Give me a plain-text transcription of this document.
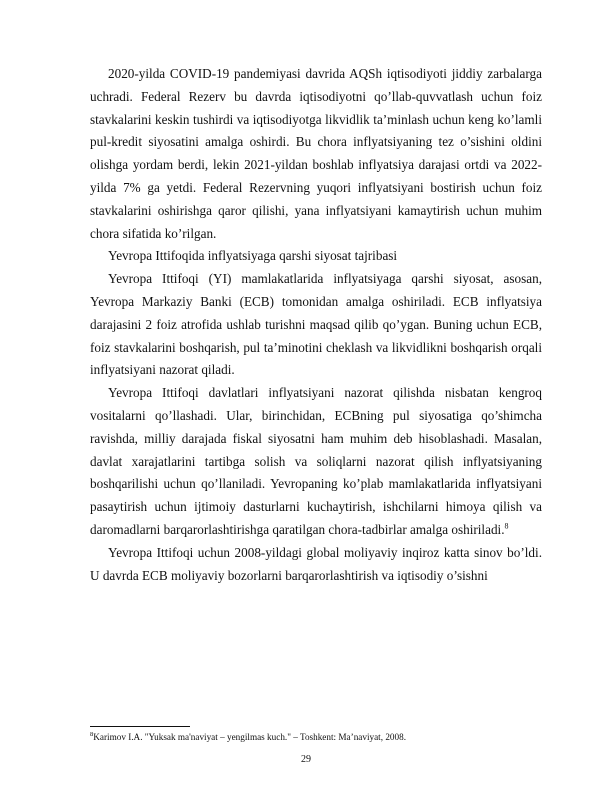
2020-yilda COVID-19 pandemiyasi davrida AQSh iqtisodiyoti jiddiy zarbalarga uchradi. Federal Rezerv bu davrda iqtisodiyotni qo’llab-quvvatlash uchun foiz stavkalarini keskin tushirdi va iqtisodiyotga likvidlik ta’minlash uchun keng ko’lamli pul-kredit siyosatini amalga oshirdi. Bu chora inflyatsiyaning tez o’sishini oldini olishga yordam berdi, lekin 2021-yildan boshlab inflyatsiya darajasi ortdi va 2022-yilda 7% ga yetdi. Federal Rezervning yuqori inflyatsiyani bostirish uchun foiz stavkalarini oshirishga qaror qilishi, yana inflyatsiyani kamaytirish uchun muhim chora sifatida ko’rilgan.

Yevropa Ittifoqida inflyatsiyaga qarshi siyosat tajribasi

Yevropa Ittifoqi (YI) mamlakatlarida inflyatsiyaga qarshi siyosat, asosan, Yevropa Markaziy Banki (ECB) tomonidan amalga oshiriladi. ECB inflyatsiya darajasini 2 foiz atrofida ushlab turishni maqsad qilib qo’ygan. Buning uchun ECB, foiz stavkalarini boshqarish, pul ta’minotini cheklash va likvidlikni boshqarish orqali inflyatsiyani nazorat qiladi.

Yevropa Ittifoqi davlatlari inflyatsiyani nazorat qilishda nisbatan kengroq vositalarni qo’llashadi. Ular, birinchidan, ECBning pul siyosatiga qo’shimcha ravishda, milliy darajada fiskal siyosatni ham muhim deb hisoblashadi. Masalan, davlat xarajatlarini tartibga solish va soliqlarni nazorat qilish inflyatsiyaning boshqarilishi uchun qo’llaniladi. Yevropaning ko’plab mamlakatlarida inflyatsiyani pasaytirish uchun ijtimoiy dasturlarni kuchaytirish, ishchilarni himoya qilish va daromadlarni barqarorlashtirishga qaratilgan chora-tadbirlar amalga oshiriladi.$^8$

Yevropa Ittifoqi uchun 2008-yildagi global moliyaviy inqiroz katta sinov bo’ldi. U davrda ECB moliyaviy bozorlarni barqarorlashtirish va iqtisodiy o’sishni

$^8$Karimov I.A. "Yuksak ma'naviyat – yengilmas kuch." – Toshkent: Ma’naviyat, 2008.
29
